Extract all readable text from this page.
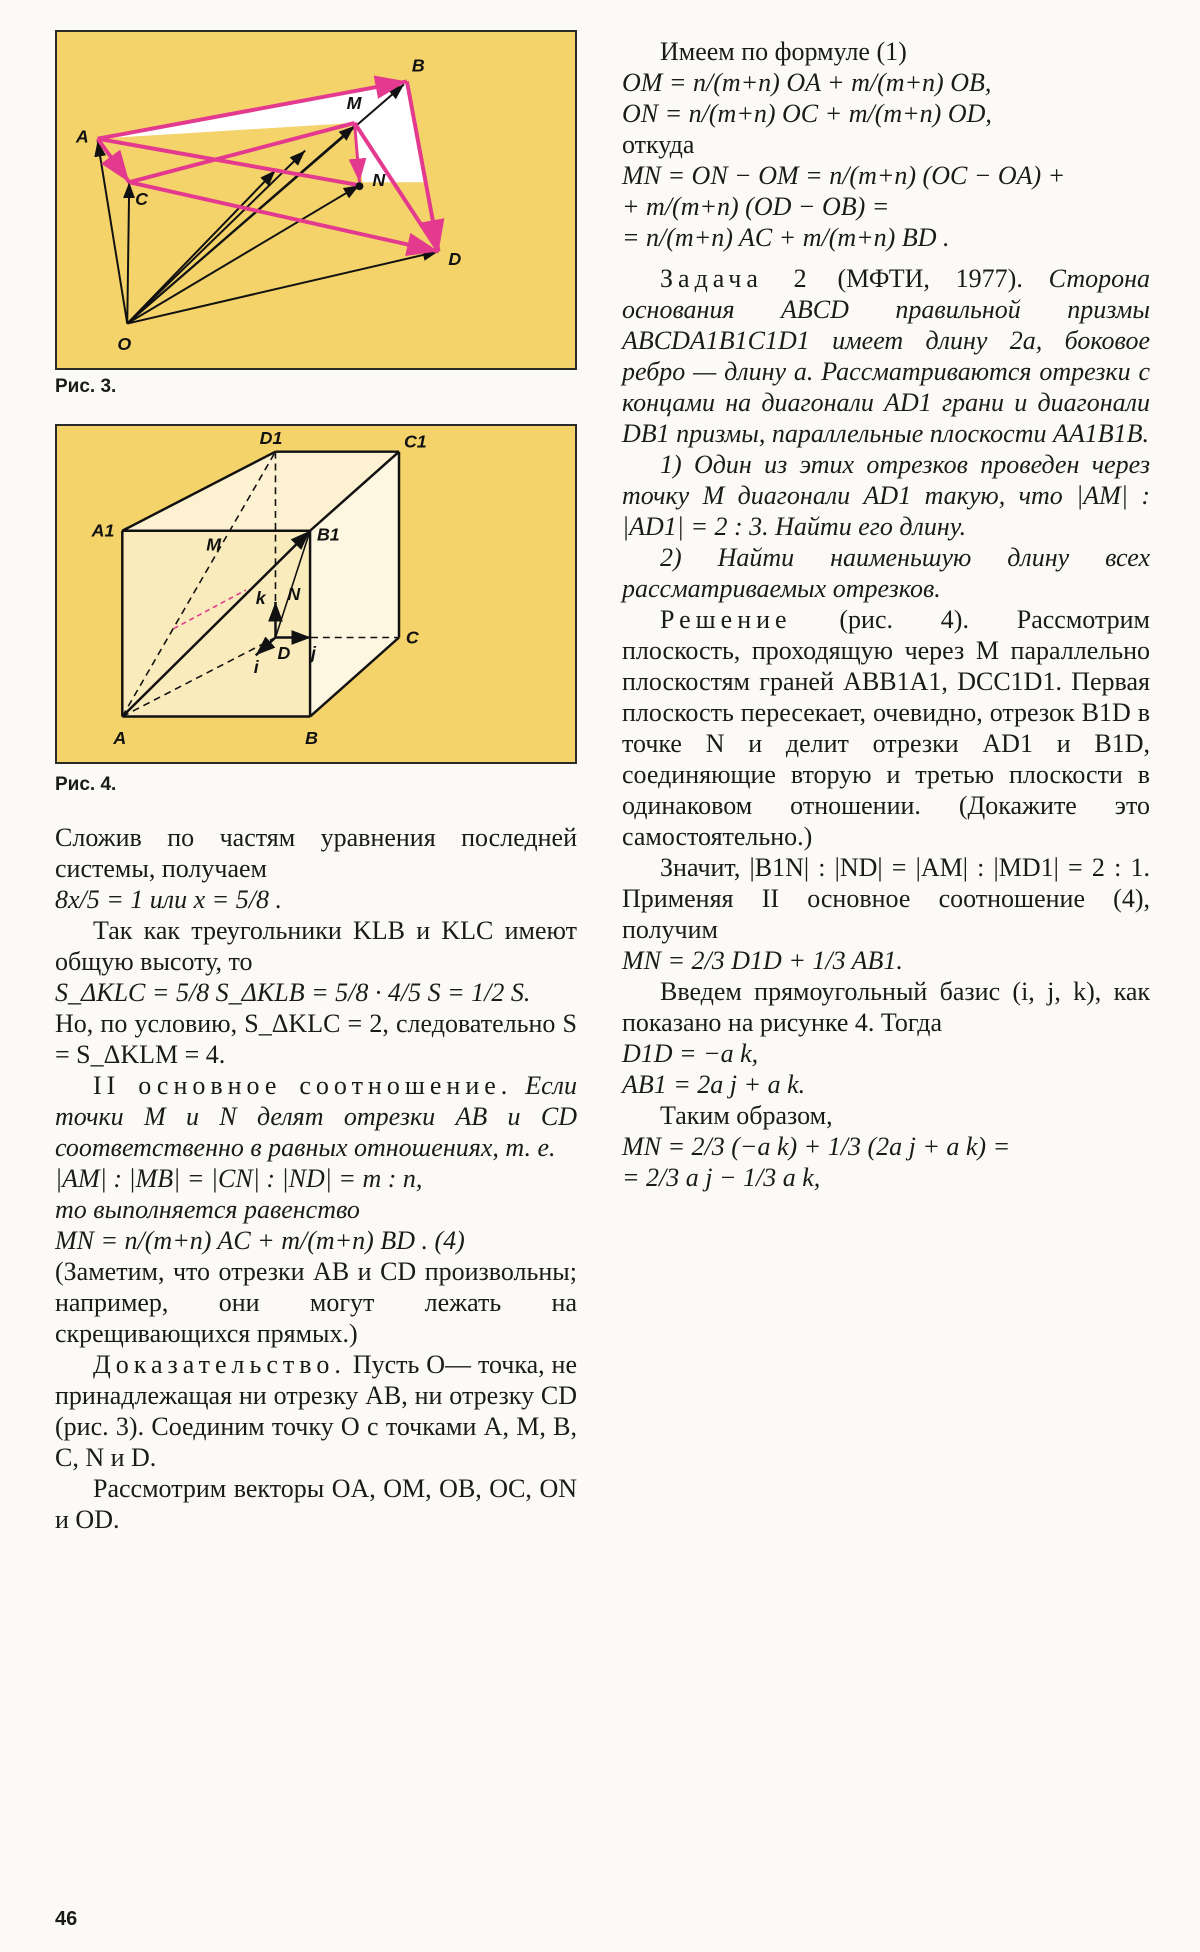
A
M
B
C
N
D
O
Рис. 3.
D1	C1
A1	B1
M
N
k
D j
i
C
A	B
Рис. 4.

Сложив по частям уравнения последней системы, получаем

8x/5 = 1 или x = 5/8 .

Так как треугольники KLB и KLC имеют общую высоту, то

S_ΔKLC = 5/8 S_ΔKLB = 5/8 · 4/5 S = 1/2 S.

Но, по условию, S_ΔKLC = 2, следовательно S = S_ΔKLM = 4.

II основное соотношение. Если точки M и N делят отрезки AB и CD соответственно в равных отношениях, т. е.

|AM| : |MB| = |CN| : |ND| = m : n,

то выполняется равенство

MN = n/(m+n) AC + m/(m+n) BD . (4)

(Заметим, что отрезки AB и CD произвольны; например, они могут лежать на скрещивающихся прямых.)

Доказательство. Пусть O— точка, не принадлежащая ни отрезку AB, ни отрезку CD (рис. 3). Соединим точку O с точками A, M, B, C, N и D.

Рассмотрим векторы OA, OM, OB, OC, ON и OD.

Имеем по формуле (1)

OM = n/(m+n) OA + m/(m+n) OB,

ON = n/(m+n) OC + m/(m+n) OD,

откуда

MN = ON − OM = n/(m+n) (OC − OA) +

+ m/(m+n) (OD − OB) =

= n/(m+n) AC + m/(m+n) BD .

Задача 2 (МФТИ, 1977). Сторона основания ABCD правильной призмы ABCDA1B1C1D1 имеет длину 2a, боковое ребро — длину a. Рассматриваются отрезки с концами на диагонали AD1 грани и диагонали DB1 призмы, параллельные плоскости AA1B1B.

1) Один из этих отрезков проведен через точку M диагонали AD1 такую, что |AM| : |AD1| = 2 : 3. Найти его длину.

2) Найти наименьшую длину всех рассматриваемых отрезков.

Решение (рис. 4). Рассмотрим плоскость, проходящую через M параллельно плоскостям граней ABB1A1, DCC1D1. Первая плоскость пересекает, очевидно, отрезок B1D в точке N и делит отрезки AD1 и B1D, соединяющие вторую и третью плоскости в одинаковом отношении. (Докажите это самостоятельно.)

Значит, |B1N| : |ND| = |AM| : |MD1| = 2 : 1. Применяя II основное соотношение (4), получим

MN = 2/3 D1D + 1/3 AB1.

Введем прямоугольный базис (i, j, k), как показано на рисунке 4. Тогда

D1D = −a k,

AB1 = 2a j + a k.

Таким образом,

MN = 2/3 (−a k) + 1/3 (2a j + a k) =

= 2/3 a j − 1/3 a k,

46
